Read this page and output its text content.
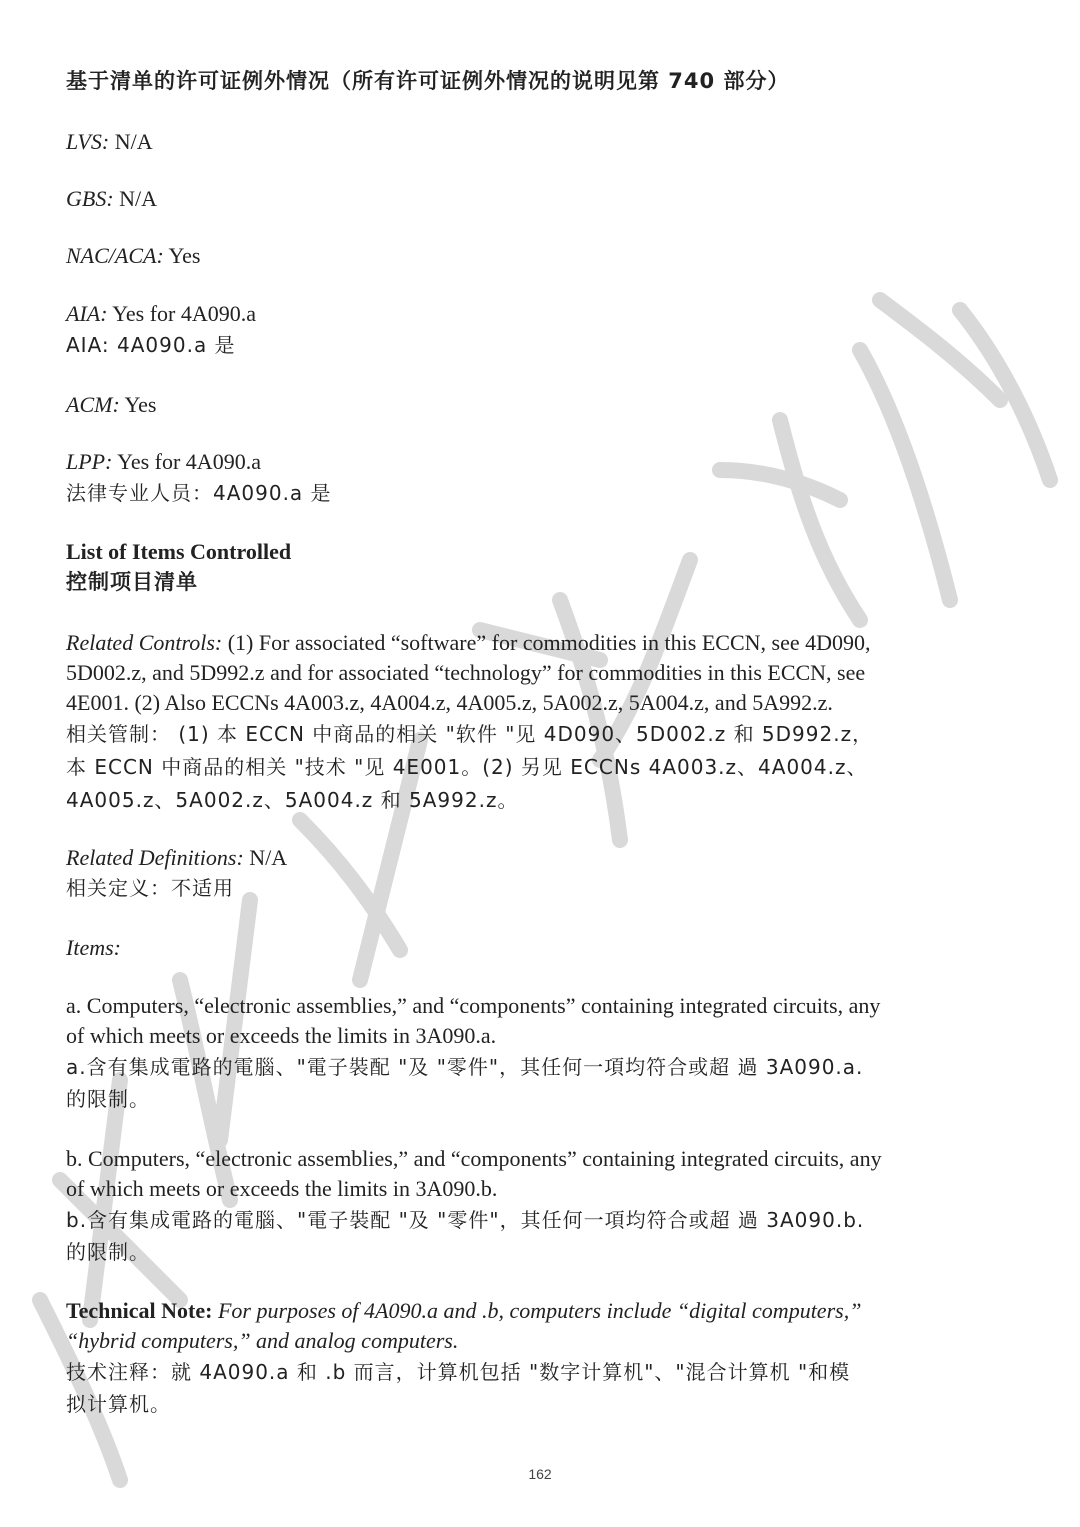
基于清单的许可证例外情况（所有许可证例外情况的说明见第 740 部分）
LVS: N/A
GBS: N/A
NAC/ACA: Yes
AIA: Yes for 4A090.a
AIA: 4A090.a 是
ACM: Yes
LPP: Yes for 4A090.a
法律专业人员：4A090.a 是
List of Items Controlled
控制项目清单
Related Controls: (1) For associated “software” for commodities in this ECCN, see 4D090,
5D002.z, and 5D992.z and for associated “technology” for commodities in this ECCN, see
4E001. (2) Also ECCNs 4A003.z, 4A004.z, 4A005.z, 5A002.z, 5A004.z, and 5A992.z.
相关管制： (1) 本 ECCN 中商品的相关 "软件 "见 4D090、5D002.z 和 5D992.z，
本 ECCN 中商品的相关 "技术 "见 4E001。(2) 另见 ECCNs 4A003.z、4A004.z、
4A005.z、5A002.z、5A004.z 和 5A992.z。
Related Definitions: N/A
相关定义：不适用
Items:
a. Computers, “electronic assemblies,” and “components” containing integrated circuits, any
of which meets or exceeds the limits in 3A090.a.
a.含有集成電路的電腦、"電子裝配 "及 "零件"，其任何一項均符合或超 過 3A090.a.
的限制。
b. Computers, “electronic assemblies,” and “components” containing integrated circuits, any
of which meets or exceeds the limits in 3A090.b.
b.含有集成電路的電腦、"電子裝配 "及 "零件"，其任何一項均符合或超 過 3A090.b.
的限制。
Technical Note: For purposes of 4A090.a and .b, computers include “digital computers,”
“hybrid computers,” and analog computers.
技术注释：就 4A090.a 和 .b 而言，计算机包括 "数字计算机"、"混合计算机 "和模
拟计算机。
162
